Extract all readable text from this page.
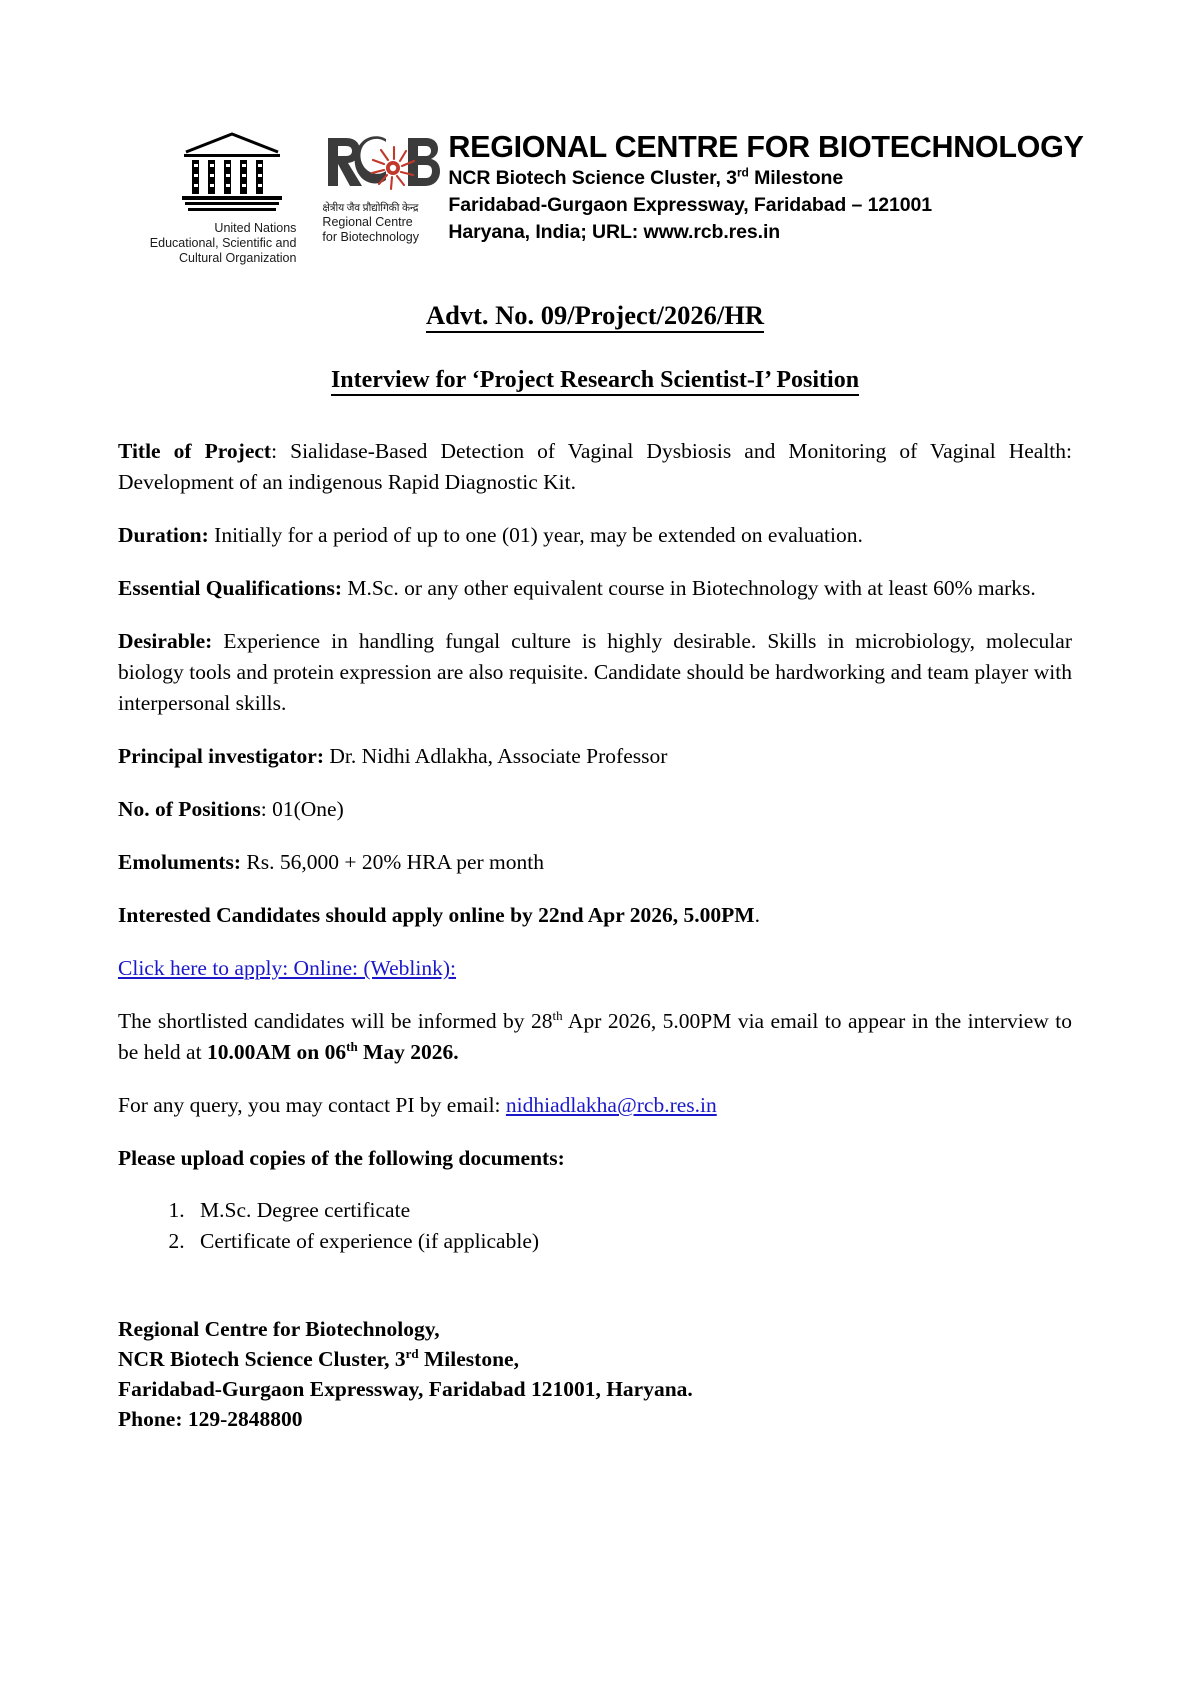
United Nations
Educational, Scientific and
Cultural Organization
क्षेत्रीय जैव प्रौद्योगिकी केन्द्र
Regional Centre
for Biotechnology
REGIONAL CENTRE FOR BIOTECHNOLOGY
NCR Biotech Science Cluster, 3rd Milestone
Faridabad-Gurgaon Expressway, Faridabad – 121001
Haryana, India; URL: www.rcb.res.in
Advt. No. 09/Project/2026/HR
Interview for ‘Project Research Scientist-I’ Position

Title of Project: Sialidase-Based Detection of Vaginal Dysbiosis and Monitoring of Vaginal Health: Development of an indigenous Rapid Diagnostic Kit.

Duration: Initially for a period of up to one (01) year, may be extended on evaluation.

Essential Qualifications: M.Sc. or any other equivalent course in Biotechnology with at least 60% marks.

Desirable: Experience in handling fungal culture is highly desirable. Skills in microbiology, molecular biology tools and protein expression are also requisite. Candidate should be hardworking and team player with interpersonal skills.

Principal investigator: Dr. Nidhi Adlakha, Associate Professor

No. of Positions: 01(One)

Emoluments: Rs. 56,000 + 20% HRA per month

Interested Candidates should apply online by 22nd Apr 2026, 5.00PM.

Click here to apply: Online: (Weblink):

The shortlisted candidates will be informed by 28th Apr 2026, 5.00PM via email to appear in the interview to be held at 10.00AM on 06th May 2026.

For any query, you may contact PI by email: nidhiadlakha@rcb.res.in

Please upload copies of the following documents:

1. M.Sc. Degree certificate
2. Certificate of experience (if applicable)
Regional Centre for Biotechnology,
NCR Biotech Science Cluster, 3rd Milestone,
Faridabad-Gurgaon Expressway, Faridabad 121001, Haryana.
Phone: 129-2848800
